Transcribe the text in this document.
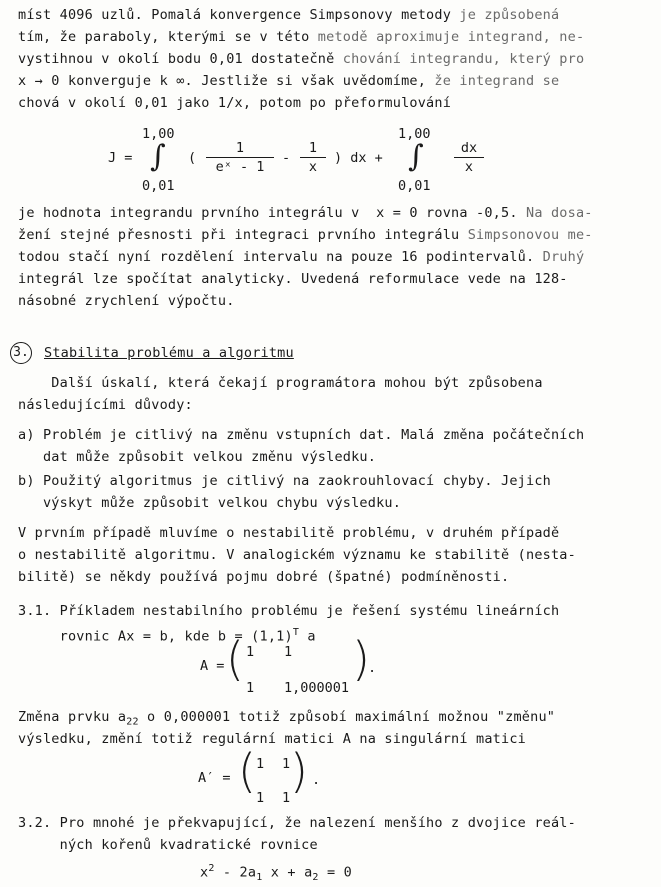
míst 4096 uzlů. Pomalá konvergence Simpsonovy metody je způsobená
tím, že paraboly, kterými se v této metodě aproximuje integrand, ne-
vystihnou v okolí bodu 0,01 dostatečně chování integrandu, který pro
x → 0 konverguje k ∞. Jestliže si však uvědomíme, že integrand se
chová v okolí 0,01 jako 1/x, potom po přeformulování
J =
1,00
∫
0,01
(
1
eˣ - 1
-
1
x
) dx +
1,00
∫
0,01
dx
x
je hodnota integrandu prvního integrálu v  x = 0 rovna -0,5. Na dosa-
žení stejné přesnosti při integraci prvního integrálu Simpsonovou me-
todou stačí nyní rozdělení intervalu na pouze 16 podintervalů. Druhý
integrál lze spočítat analyticky. Uvedená reformulace vede na 128-
násobné zrychlení výpočtu.
3. Stabilita problému a algoritmu
Další úskalí, která čekají programátora mohou být způsobena
následujícími důvody:
a) Problém je citlivý na změnu vstupních dat. Malá změna počátečních
dat může způsobit velkou změnu výsledku.
b) Použitý algoritmus je citlivý na zaokrouhlovací chyby. Jejich
výskyt může způsobit velkou chybu výsledku.
V prvním případě mluvíme o nestabilitě problému, v druhém případě
o nestabilitě algoritmu. V analogickém významu ke stabilitě (nesta-
bilitě) se někdy používá pojmu dobré (špatné) podmíněnosti.
3.1. Příkladem nestabilního problému je řešení systému lineárních
rovnic Ax = b, kde $b = (1,1)^T$ a
A = ( 1 1
1 1,000001
)
.
Změna prvku $a_{22}$ o 0,000001 totiž způsobí maximální možnou "změnu"
výsledku, změní totiž regulární matici A na singulární matici
A′ = ( 1 1
1 1 ) .
3.2. Pro mnohé je překvapující, že nalezení menšího z dvojice reál-
ných kořenů kvadratické rovnice
$x^2 - 2a_1$ $x + a_2 = 0$
